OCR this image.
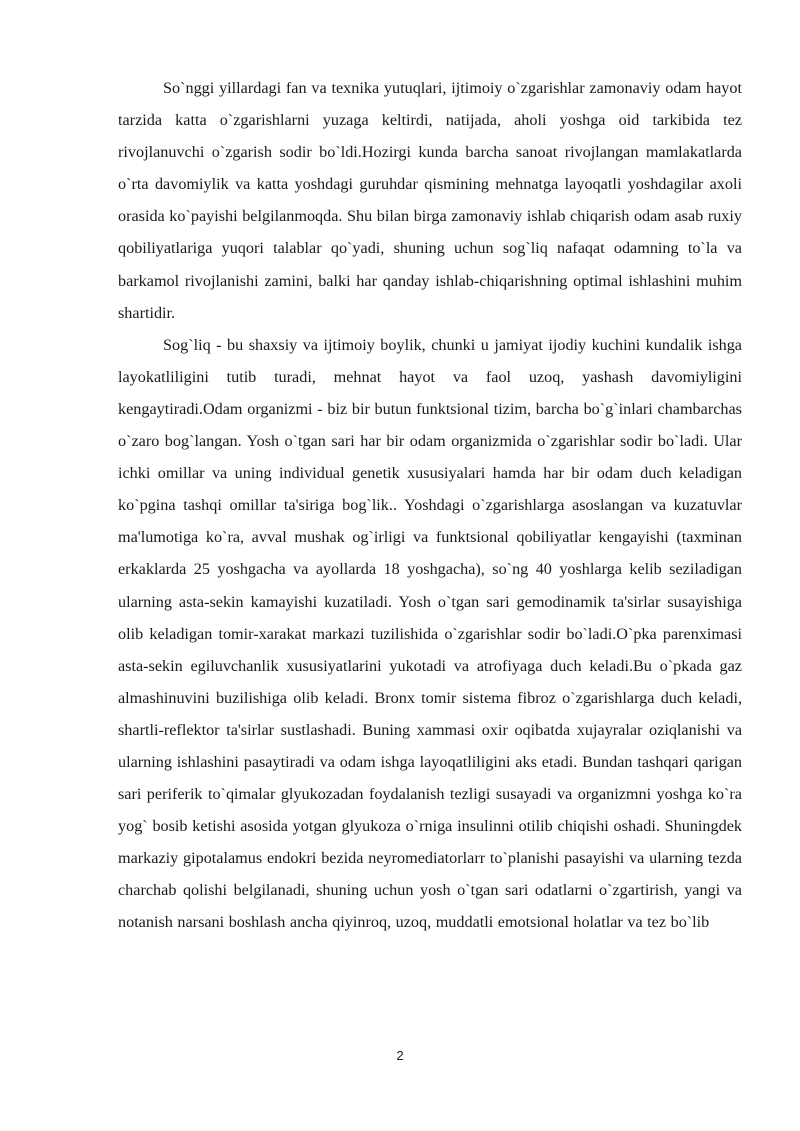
So`nggi yillardagi fan va texnika yutuqlari, ijtimoiy o`zgarishlar zamonaviy odam hayot tarzida katta o`zgarishlarni yuzaga keltirdi, natijada, aholi yoshga oid tarkibida tez rivojlanuvchi o`zgarish sodir bo`ldi.Hozirgi kunda barcha sanoat rivojlangan mamlakatlarda o`rta davomiylik va katta yoshdagi guruhdar qismining mehnatga layoqatli yoshdagilar axoli orasida ko`payishi belgilanmoqda. Shu bilan birga zamonaviy ishlab chiqarish odam asab ruxiy qobiliyatlariga yuqori talablar qo`yadi, shuning uchun sog`liq nafaqat odamning to`la va barkamol rivojlanishi zamini, balki har qanday ishlab-chiqarishning optimal ishlashini muhim shartidir.

Sog`liq - bu shaxsiy va ijtimoiy boylik, chunki u jamiyat ijodiy kuchini kundalik ishga layokatliligini tutib turadi, mehnat hayot va faol uzoq, yashash davomiyligini kengaytiradi.Odam organizmi - biz bir butun funktsional tizim, barcha bo`g`inlari chambarchas o`zaro bog`langan. Yosh o`tgan sari har bir odam organizmida o`zgarishlar sodir bo`ladi. Ular ichki omillar va uning individual genetik xususiyalari hamda har bir odam duch keladigan ko`pgina tashqi omillar ta'siriga bog`lik.. Yoshdagi o`zgarishlarga asoslangan va kuzatuvlar ma'lumotiga ko`ra, avval mushak og`irligi va funktsional qobiliyatlar kengayishi (taxminan erkaklarda 25 yoshgacha va ayollarda 18 yoshgacha), so`ng 40 yoshlarga kelib seziladigan ularning asta-sekin kamayishi kuzatiladi. Yosh o`tgan sari gemodinamik ta'sirlar susayishiga olib keladigan tomir-xarakat markazi tuzilishida o`zgarishlar sodir bo`ladi.O`pka parenximasi asta-sekin egiluvchanlik xususiyatlarini yukotadi va atrofiyaga duch keladi.Bu o`pkada gaz almashinuvini buzilishiga olib keladi. Bronx tomir sistema fibroz o`zgarishlarga duch keladi, shartli-reflektor ta'sirlar sustlashadi. Buning xammasi oxir oqibatda xujayralar oziqlanishi va ularning ishlashini pasaytiradi va odam ishga layoqatliligini aks etadi. Bundan tashqari qarigan sari periferik to`qimalar glyukozadan foydalanish tezligi susayadi va organizmni yoshga ko`ra yog` bosib ketishi asosida yotgan glyukoza o`rniga insulinni otilib chiqishi oshadi. Shuningdek markaziy gipotalamus endokri bezida neyromediatorlarr to`planishi pasayishi va ularning tezda charchab qolishi belgilanadi, shuning uchun yosh o`tgan sari odatlarni o`zgartirish, yangi va notanish narsani boshlash ancha qiyinroq, uzoq, muddatli emotsional holatlar va tez bo`lib

2
